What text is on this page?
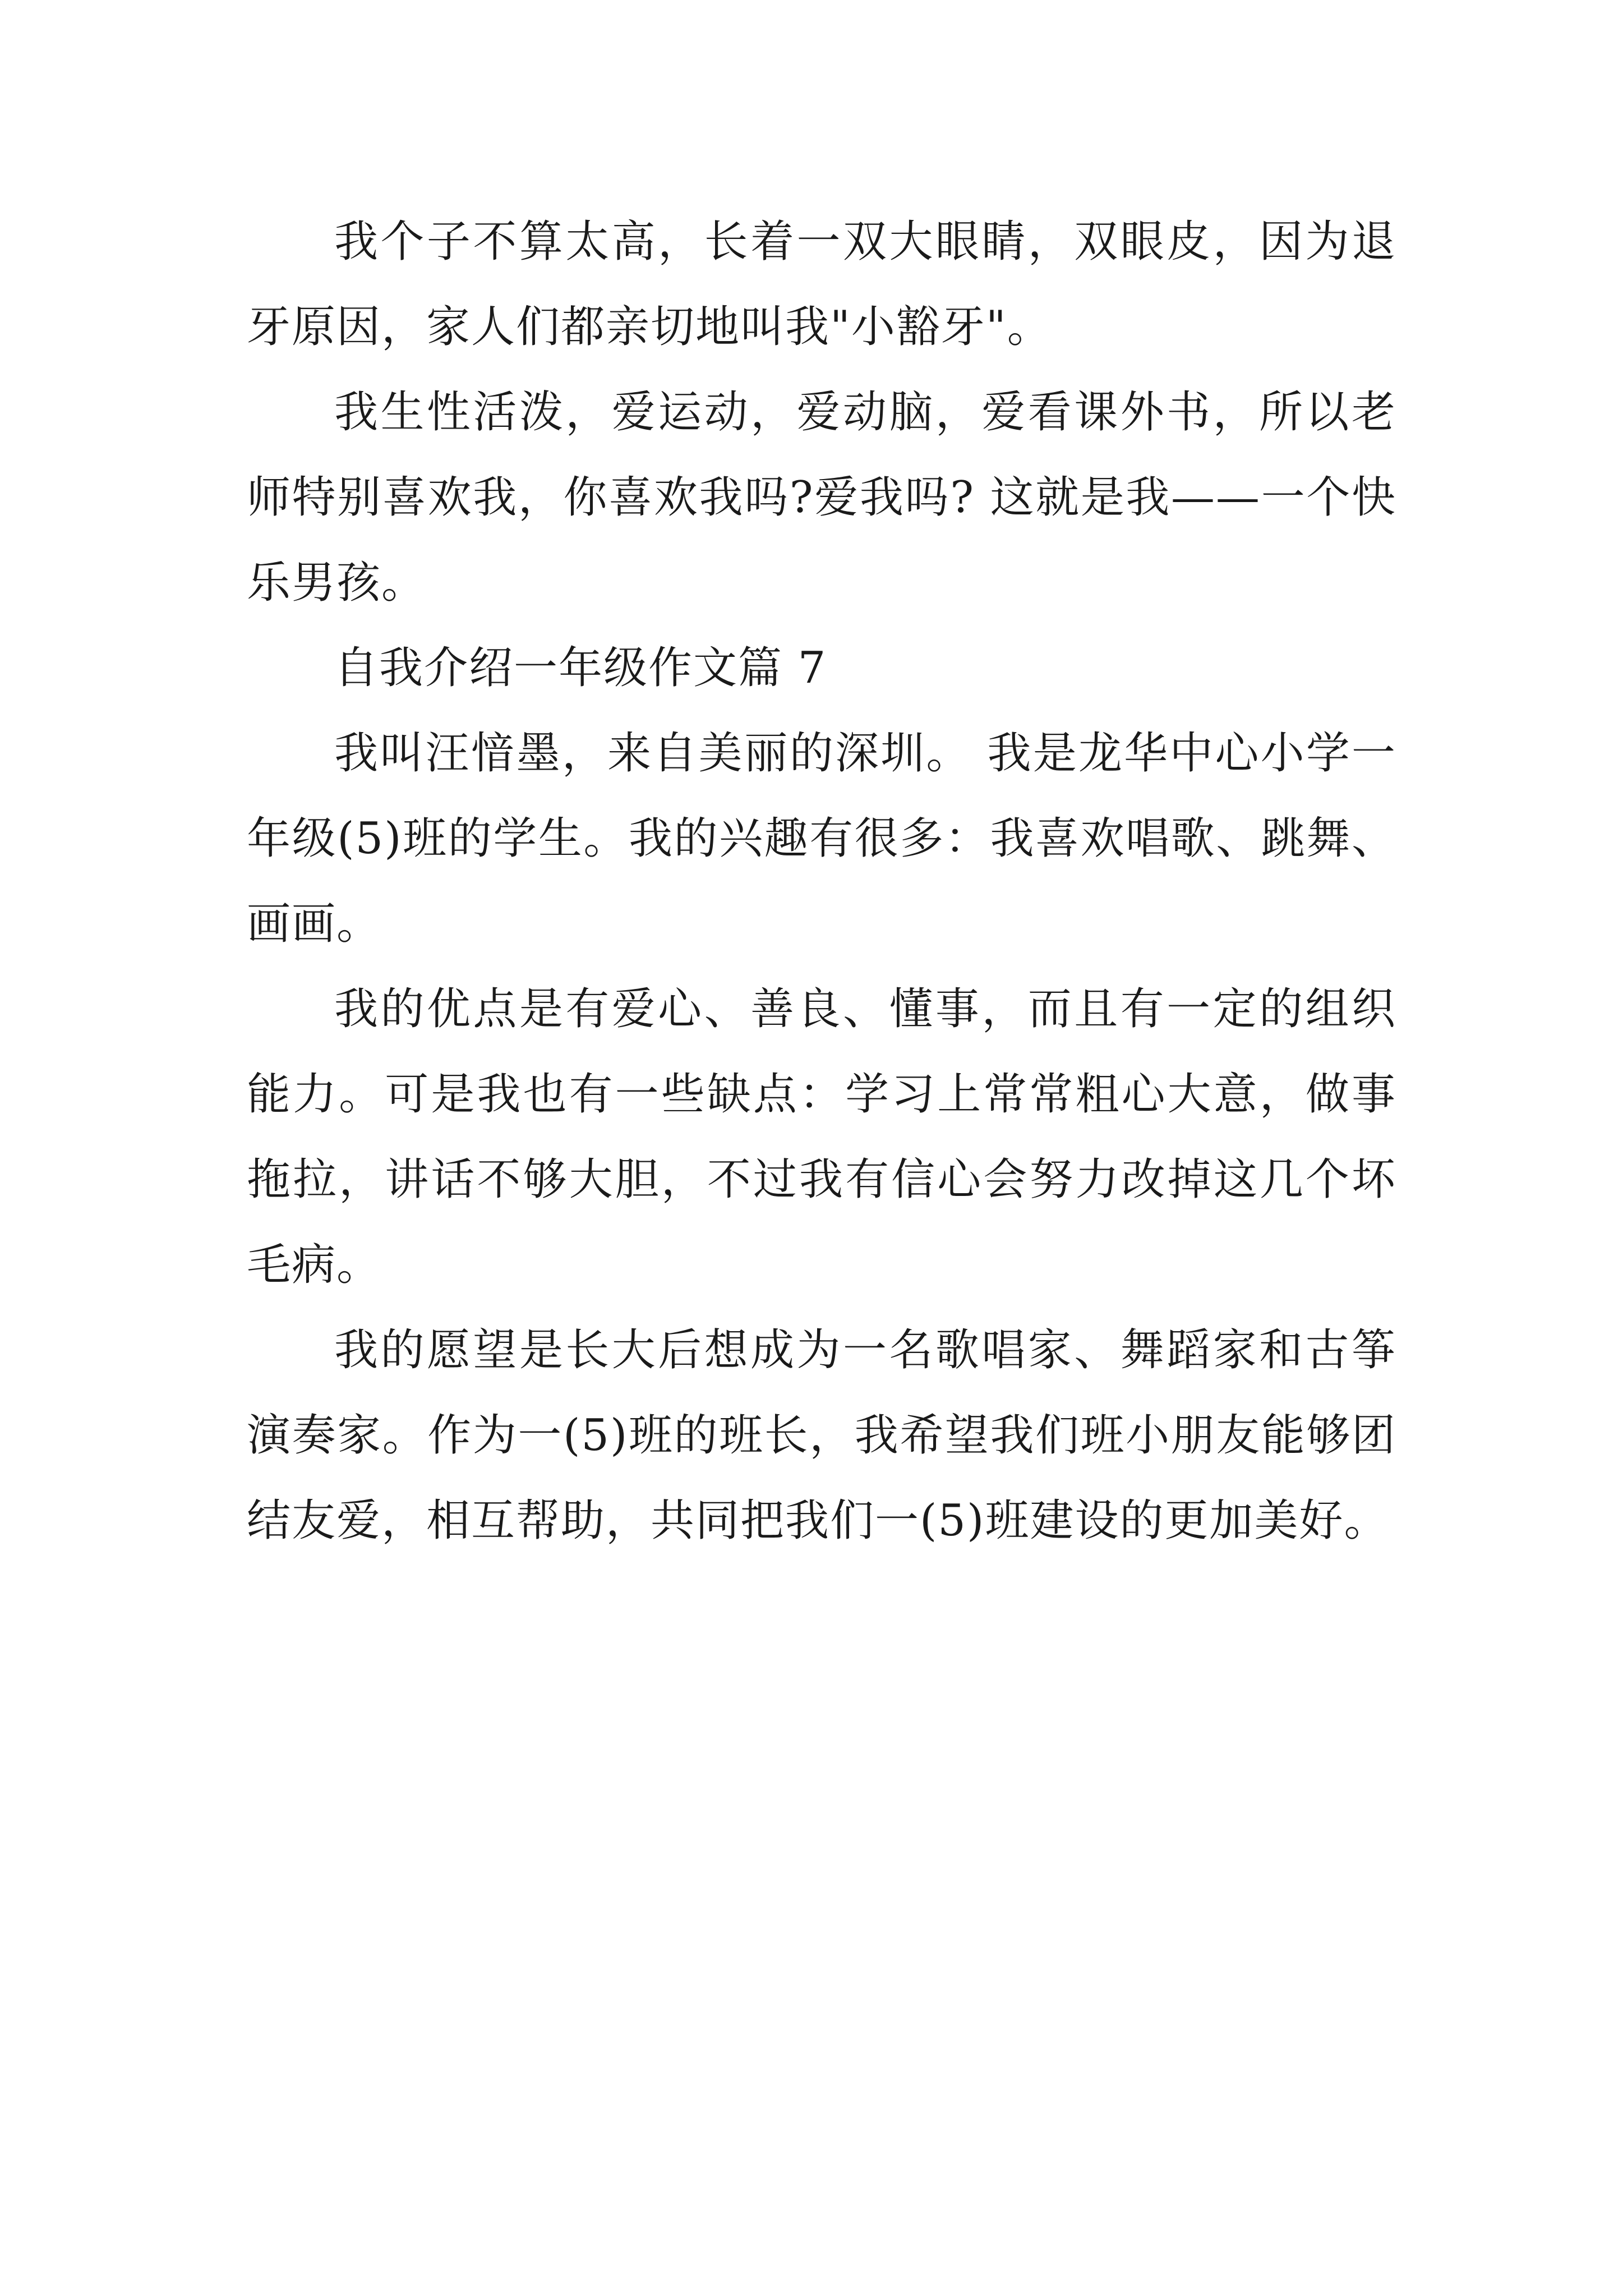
我个子不算太高，长着一双大眼睛，双眼皮，因为退牙原因，家人们都亲切地叫我"小豁牙"。

我生性活泼，爱运动，爱动脑，爱看课外书，所以老师特别喜欢我，你喜欢我吗?爱我吗? 这就是我——一个快乐男孩。

自我介绍一年级作文篇 7

我叫汪愔墨，来自美丽的深圳。 我是龙华中心小学一年级(5)班的学生。我的兴趣有很多：我喜欢唱歌、跳舞、画画。

我的优点是有爱心、善良、懂事，而且有一定的组织能力。可是我也有一些缺点：学习上常常粗心大意，做事拖拉，讲话不够大胆，不过我有信心会努力改掉这几个坏毛病。

我的愿望是长大后想成为一名歌唱家、舞蹈家和古筝演奏家。作为一(5)班的班长，我希望我们班小朋友能够团结友爱，相互帮助，共同把我们一(5)班建设的更加美好。
